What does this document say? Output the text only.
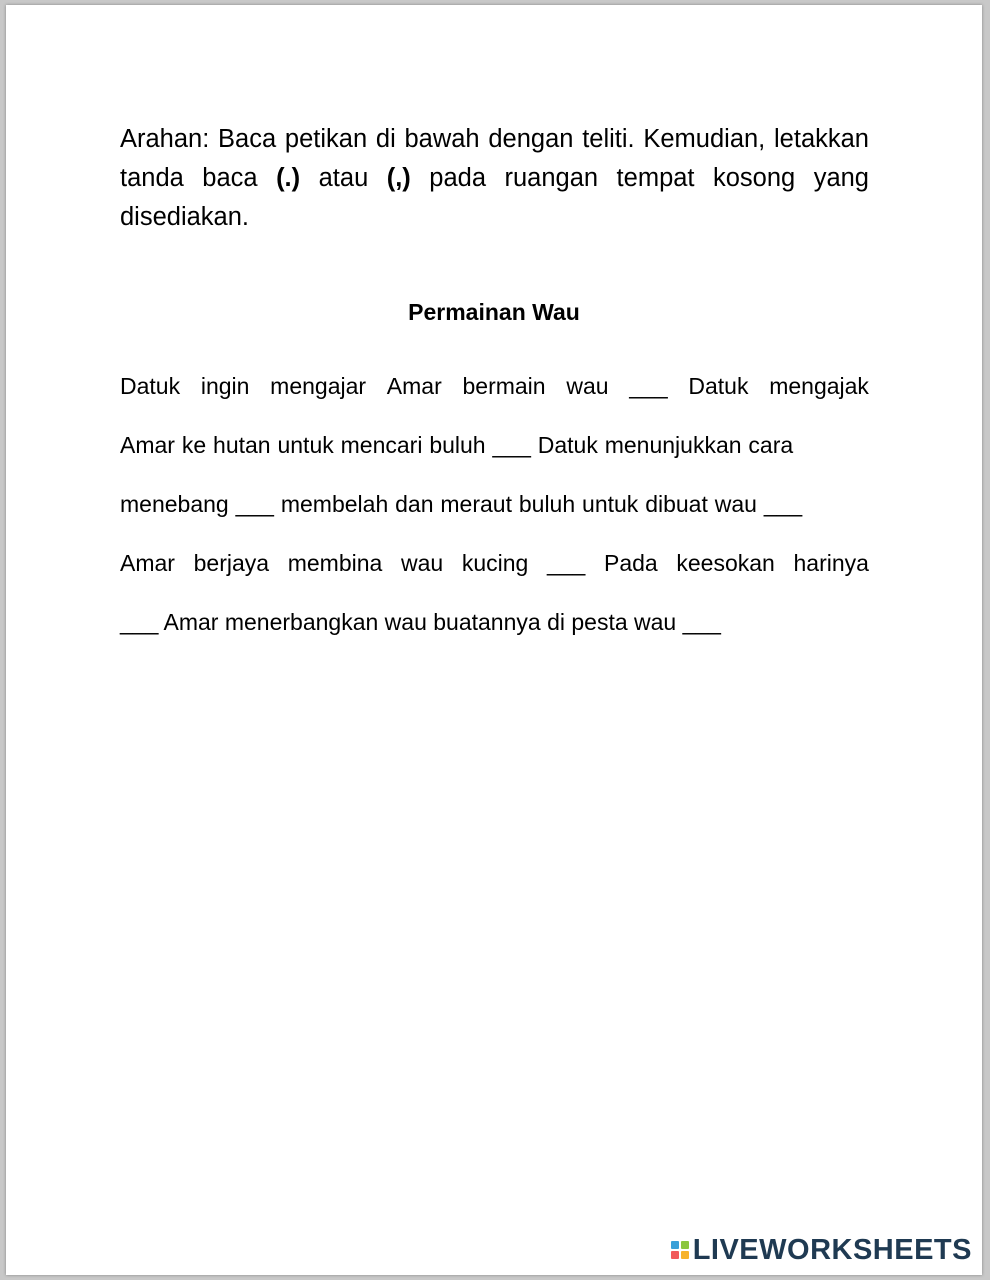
Arahan: Baca petikan di bawah dengan teliti. Kemudian, letakkan tanda baca (.) atau (,) pada ruangan tempat kosong yang disediakan.
Permainan Wau
Datuk ingin mengajar Amar bermain wau ___ Datuk mengajak
Amar ke hutan untuk mencari buluh ___ Datuk menunjukkan cara
menebang ___ membelah dan meraut buluh untuk dibuat wau ___
Amar berjaya membina wau kucing ___ Pada keesokan harinya
___ Amar menerbangkan wau buatannya di pesta wau ___
LIVEWORKSHEETS
